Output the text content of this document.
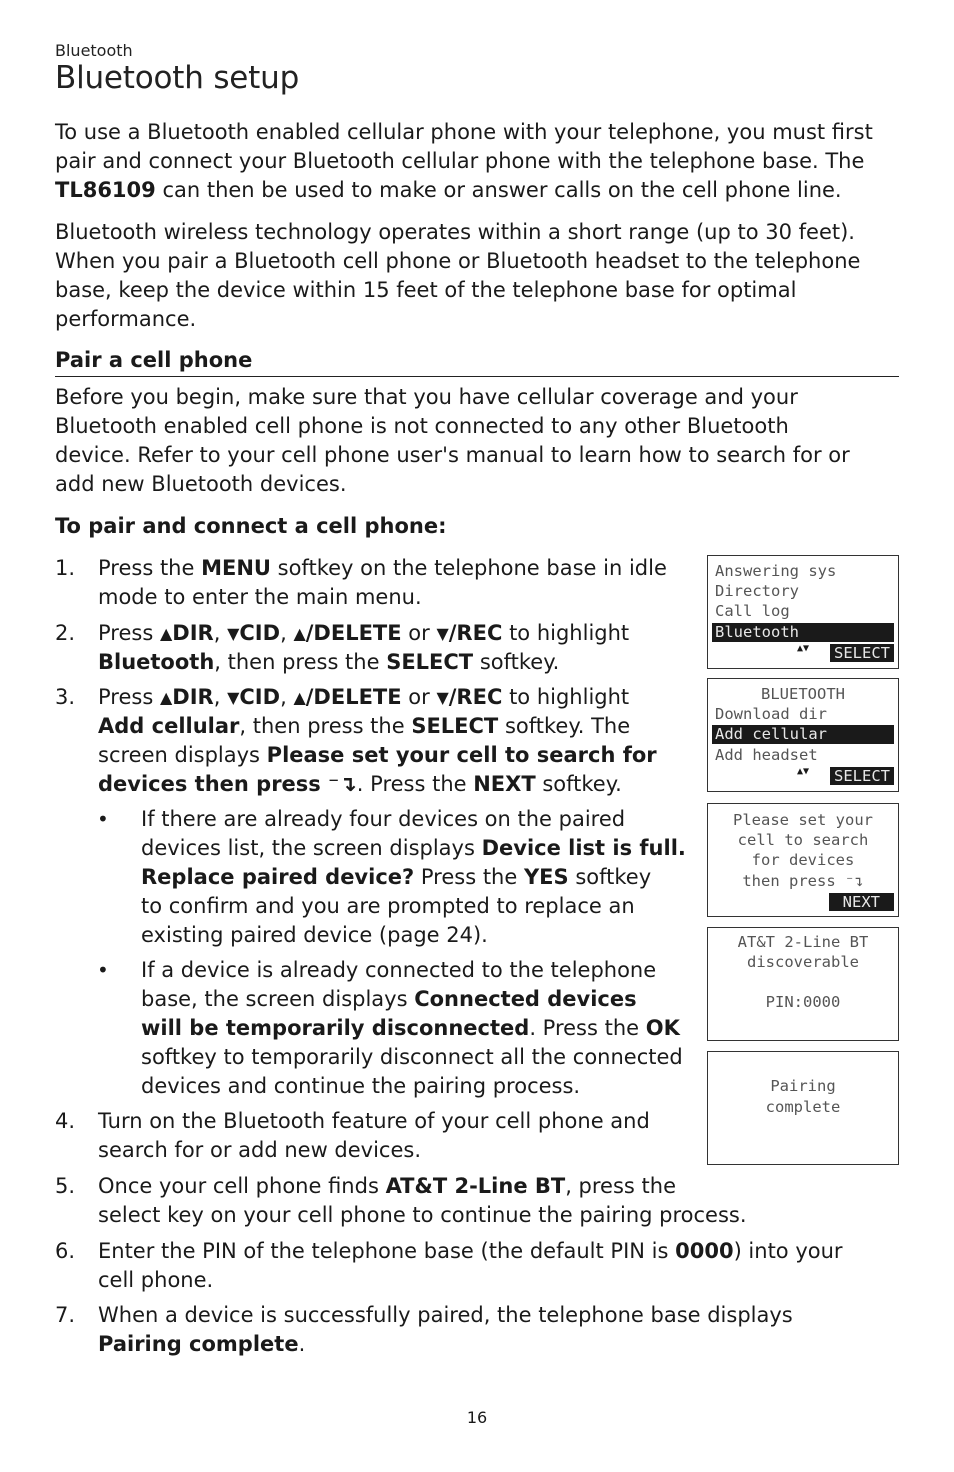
Bluetooth
Bluetooth setup
To use a Bluetooth enabled cellular phone with your telephone, you must first
pair and connect your Bluetooth cellular phone with the telephone base. The
TL86109 can then be used to make or answer calls on the cell phone line.
Bluetooth wireless technology operates within a short range (up to 30 feet).
When you pair a Bluetooth cell phone or Bluetooth headset to the telephone
base, keep the device within 15 feet of the telephone base for optimal
performance.
Pair a cell phone
Before you begin, make sure that you have cellular coverage and your
Bluetooth enabled cell phone is not connected to any other Bluetooth
device. Refer to your cell phone user's manual to learn how to search for or
add new Bluetooth devices.
To pair and connect a cell phone:
1. Press the MENU softkey on the telephone base in idle
mode to enter the main menu.
2. Press ▲DIR, ▼CID, ▲/DELETE or ▼/REC to highlight
Bluetooth, then press the SELECT softkey.
3. Press ▲DIR, ▼CID, ▲/DELETE or ▼/REC to highlight
Add cellular, then press the SELECT softkey. The
screen displays Please set your cell to search for
devices then press ⁻↴. Press the NEXT softkey.
• If there are already four devices on the paired
devices list, the screen displays Device list is full.
Replace paired device? Press the YES softkey
to confirm and you are prompted to replace an
existing paired device (page 24).
• If a device is already connected to the telephone
base, the screen displays Connected devices
will be temporarily disconnected. Press the OK
softkey to temporarily disconnect all the connected
devices and continue the pairing process.
4. Turn on the Bluetooth feature of your cell phone and
search for or add new devices.
5. Once your cell phone finds AT&T 2-Line BT, press the
select key on your cell phone to continue the pairing process.
6. Enter the PIN of the telephone base (the default PIN is 0000) into your
cell phone.
7. When a device is successfully paired, the telephone base displays
Pairing complete.
Answering sys
Directory
Call log
Bluetooth
▲▼ SELECT
BLUETOOTH
Download dir
Add cellular
Add headset
▲▼ SELECT
Please set your
cell to search
for devices
then press ⁻↴
NEXT
AT&T 2-Line BT
discoverable
PIN:0000
Pairing
complete
16
